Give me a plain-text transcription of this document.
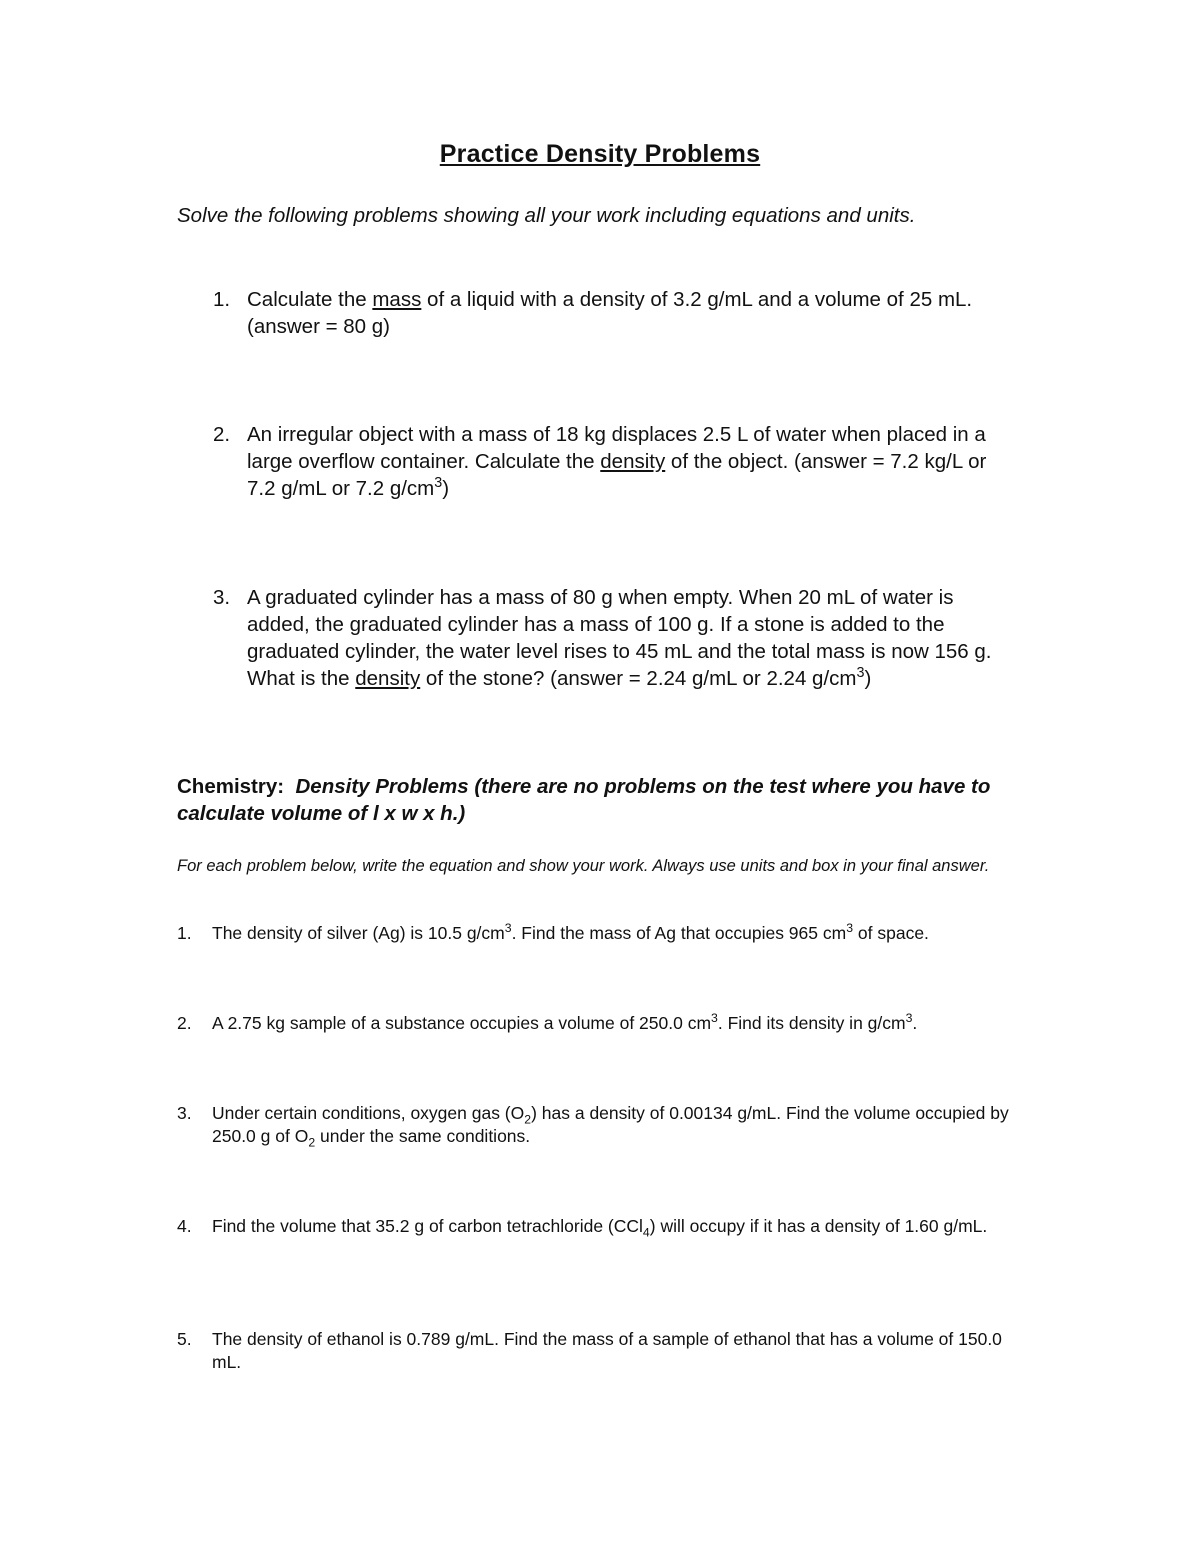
Practice Density Problems
Solve the following problems showing all your work including equations and units.
1. Calculate the mass of a liquid with a density of 3.2 g/mL and a volume of 25 mL. (answer = 80 g)
2. An irregular object with a mass of 18 kg displaces 2.5 L of water when placed in a large overflow container. Calculate the density of the object. (answer = 7.2 kg/L or 7.2 g/mL or 7.2 $g/cm^3$)
3. A graduated cylinder has a mass of 80 g when empty. When 20 mL of water is added, the graduated cylinder has a mass of 100 g. If a stone is added to the graduated cylinder, the water level rises to 45 mL and the total mass is now 156 g. What is the density of the stone? (answer = 2.24 g/mL or 2.24 $g/cm^3$)
Chemistry: Density Problems (there are no problems on the test where you have to calculate volume of l x w x h.)
For each problem below, write the equation and show your work. Always use units and box in your final answer.
1. The density of silver (Ag) is 10.5 $g/cm^3$. Find the mass of Ag that occupies 965 $cm^3$ of space.
2. A 2.75 kg sample of a substance occupies a volume of 250.0 $cm^3$. Find its density in $g/cm^3$.
3. Under certain conditions, oxygen gas $(O_2)$ has a density of 0.00134 g/mL. Find the volume occupied by 250.0 g of $O_2$ under the same conditions.
4. Find the volume that 35.2 g of carbon tetrachloride (CCl$_4$) will occupy if it has a density of 1.60 g/mL.
5. The density of ethanol is 0.789 g/mL. Find the mass of a sample of ethanol that has a volume of 150.0 mL.
